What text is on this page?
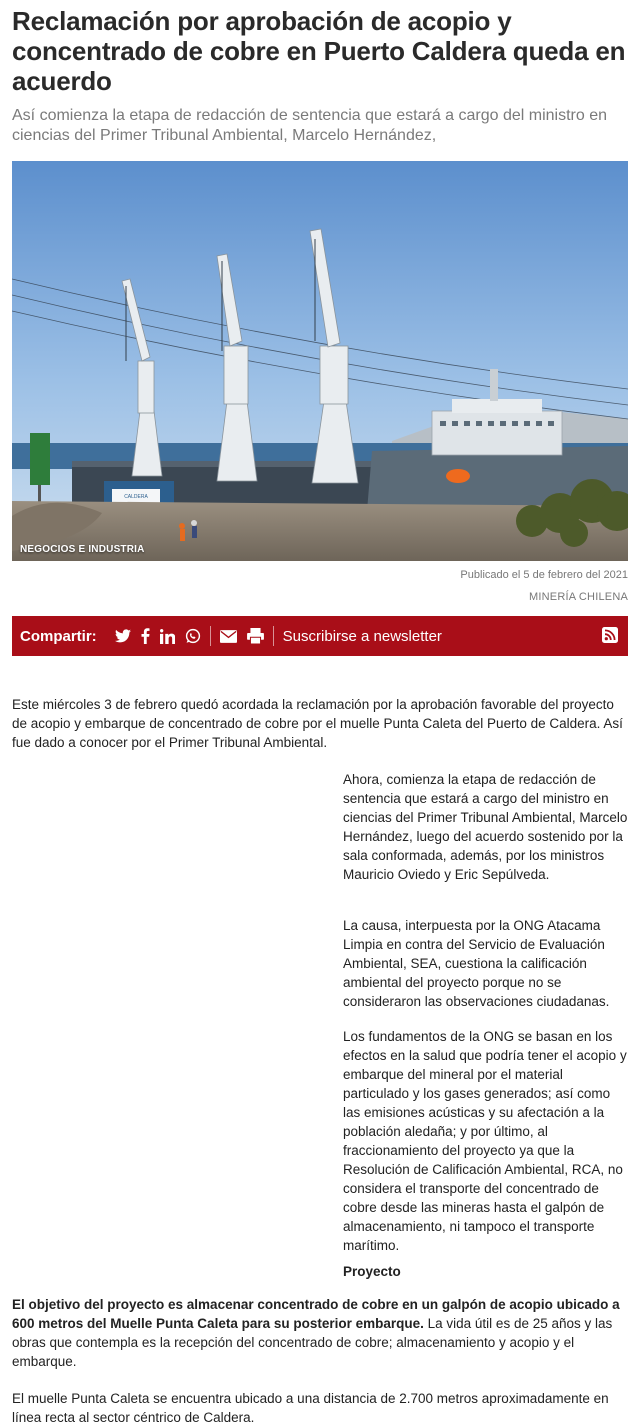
Reclamación por aprobación de acopio y concentrado de cobre en Puerto Caldera queda en acuerdo
Así comienza la etapa de redacción de sentencia que estará a cargo del ministro en ciencias del Primer Tribunal Ambiental, Marcelo Hernández,
CALDERA
NEGOCIOS E INDUSTRIA
Publicado el 5 de febrero del 2021
MINERÍA CHILENA
Compartir:	Suscribirse a newsletter

Este miércoles 3 de febrero quedó acordada la reclamación por la aprobación favorable del proyecto de acopio y embarque de concentrado de cobre por el muelle Punta Caleta del Puerto de Caldera. Así fue dado a conocer por el Primer Tribunal Ambiental.

Ahora, comienza la etapa de redacción de sentencia que estará a cargo del ministro en ciencias del Primer Tribunal Ambiental, Marcelo Hernández, luego del acuerdo sostenido por la sala conformada, además, por los ministros Mauricio Oviedo y Eric Sepúlveda.

La causa, interpuesta por la ONG Atacama Limpia en contra del Servicio de Evaluación Ambiental, SEA, cuestiona la calificación ambiental del proyecto porque no se consideraron las observaciones ciudadanas.

Los fundamentos de la ONG se basan en los efectos en la salud que podría tener el acopio y embarque del mineral por el material particulado y los gases generados; así como las emisiones acústicas y su afectación a la población aledaña; y por último, al fraccionamiento del proyecto ya que la Resolución de Calificación Ambiental, RCA, no considera el transporte del concentrado de cobre desde las mineras hasta el galpón de almacenamiento, ni tampoco el transporte marítimo.

Proyecto

El objetivo del proyecto es almacenar concentrado de cobre en un galpón de acopio ubicado a 600 metros del Muelle Punta Caleta para su posterior embarque. La vida útil es de 25 años y las obras que contempla es la recepción del concentrado de cobre; almacenamiento y acopio y el embarque.

El muelle Punta Caleta se encuentra ubicado a una distancia de 2.700 metros aproximadamente en línea recta al sector céntrico de Caldera.
